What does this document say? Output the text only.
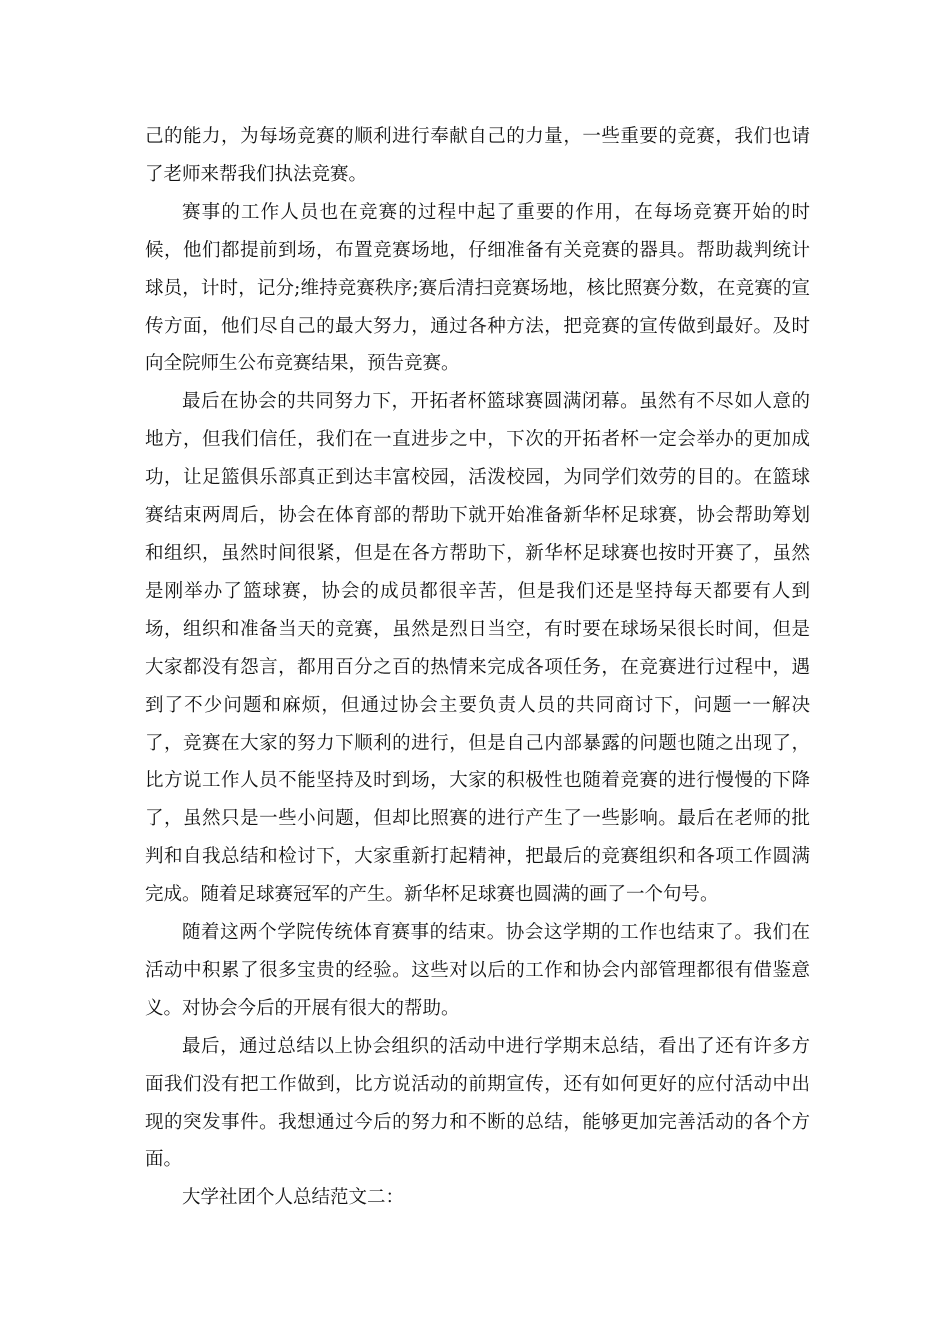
己的能力，为每场竞赛的顺利进行奉献自己的力量，一些重要的竞赛，我们也请了老师来帮我们执法竞赛。

赛事的工作人员也在竞赛的过程中起了重要的作用，在每场竞赛开始的时候，他们都提前到场，布置竞赛场地，仔细准备有关竞赛的器具。帮助裁判统计球员，计时，记分;维持竞赛秩序;赛后清扫竞赛场地，核比照赛分数，在竞赛的宣传方面，他们尽自己的最大努力，通过各种方法，把竞赛的宣传做到最好。及时向全院师生公布竞赛结果，预告竞赛。

最后在协会的共同努力下，开拓者杯篮球赛圆满闭幕。虽然有不尽如人意的地方，但我们信任，我们在一直进步之中，下次的开拓者杯一定会举办的更加成功，让足篮俱乐部真正到达丰富校园，活泼校园，为同学们效劳的目的。在篮球赛结束两周后，协会在体育部的帮助下就开始准备新华杯足球赛，协会帮助筹划和组织，虽然时间很紧，但是在各方帮助下，新华杯足球赛也按时开赛了，虽然是刚举办了篮球赛，协会的成员都很辛苦，但是我们还是坚持每天都要有人到场，组织和准备当天的竞赛，虽然是烈日当空，有时要在球场呆很长时间，但是大家都没有怨言，都用百分之百的热情来完成各项任务，在竞赛进行过程中，遇到了不少问题和麻烦，但通过协会主要负责人员的共同商讨下，问题一一解决了，竞赛在大家的努力下顺利的进行，但是自己内部暴露的问题也随之出现了，比方说工作人员不能坚持及时到场，大家的积极性也随着竞赛的进行慢慢的下降了，虽然只是一些小问题，但却比照赛的进行产生了一些影响。最后在老师的批判和自我总结和检讨下，大家重新打起精神，把最后的竞赛组织和各项工作圆满完成。随着足球赛冠军的产生。新华杯足球赛也圆满的画了一个句号。

随着这两个学院传统体育赛事的结束。协会这学期的工作也结束了。我们在活动中积累了很多宝贵的经验。这些对以后的工作和协会内部管理都很有借鉴意义。对协会今后的开展有很大的帮助。

最后，通过总结以上协会组织的活动中进行学期末总结，看出了还有许多方面我们没有把工作做到，比方说活动的前期宣传，还有如何更好的应付活动中出现的突发事件。我想通过今后的努力和不断的总结，能够更加完善活动的各个方面。

大学社团个人总结范文二：
